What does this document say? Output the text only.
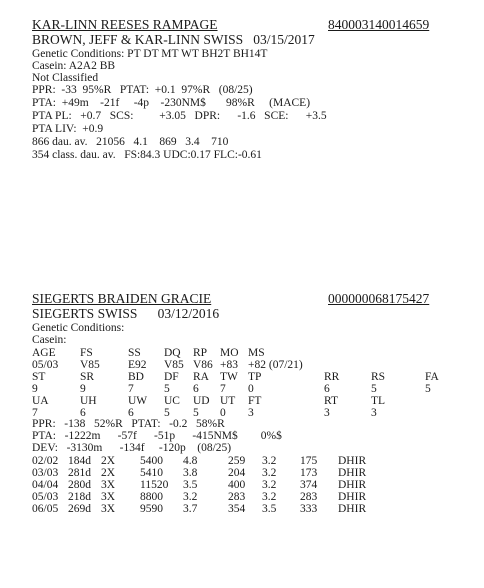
KAR-LINN REESES RAMPAGE	840003140014659
BROWN, JEFF & KAR-LINN SWISS   03/15/2017
Genetic Conditions: PT DT MT WT BH2T BH14T
Casein: A2A2 BB
Not Classified
PPR:  -33  95%R   PTAT:  +0.1  97%R   (08/25)
PTA:  +49m    -21f     -4p    -230NM$       98%R     (MACE)
PTA PL:   +0.7   SCS:         +3.05   DPR:      -1.6   SCE:      +3.5
PTA LIV:  +0.9
866 dau. av.   21056   4.1    869   3.4    710
354 class. dau. av.   FS:84.3 UDC:0.17 FLC:-0.61
SIEGERTS BRAIDEN GRACIE	000000068175427
SIEGERTS SWISS      03/12/2016
Genetic Conditions:
Casein:
AGE FS	SS DQ RP MO MS
05/03 V85 E92 V85 V86 +83 +82 (07/21)
ST	SR	BD DF RA TW TP	RR	RS	FA
9	9	7	5 6 7 0	6	5	5
UA	UH	UW UC UD UT FT	RT	TL
7	6	6	5 5 0 3	3	3
PPR:   -138   52%R   PTAT:   -0.2   58%R
PTA:   -1222m      -57f      -51p      -415NM$        0%$
DEV:   -3130m      -134f     -120p    (08/25)
02/02 184d 2X 5400 4.8	259 3.2 175 DHIR
03/03 281d 2X 5410 3.8	204 3.2 173 DHIR
04/04 280d 3X 11520 3.5	400 3.2 374 DHIR
05/03 218d 3X 8800 3.2	283 3.2 283 DHIR
06/05 269d 3X 9590 3.7	354 3.5 333 DHIR
